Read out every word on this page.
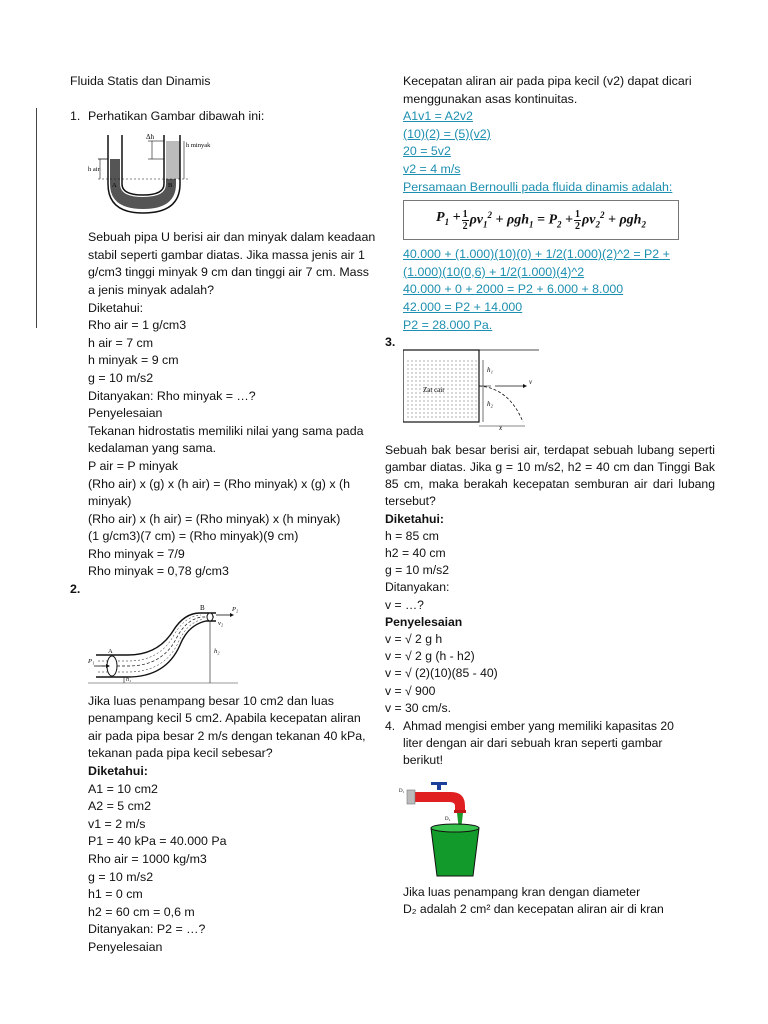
Fluida Statis dan Dinamis
1. Perhatikan Gambar dibawah ini:
Δh
h minyak
h air
A	B
Sebuah pipa U berisi air dan minyak dalam keadaan
stabil seperti gambar diatas. Jika massa jenis air 1
g/cm3 tinggi minyak 9 cm dan tinggi air 7 cm. Mass
a jenis minyak adalah?
Diketahui:
Rho air = 1 g/cm3
h air = 7 cm
h minyak = 9 cm
g = 10 m/s2
Ditanyakan: Rho minyak = …?
Penyelesaian
Tekanan hidrostatis memiliki nilai yang sama pada
kedalaman yang sama.
P air = P minyak
(Rho air) x (g) x (h air) = (Rho minyak) x (g) x (h
minyak)
(Rho air) x (h air) = (Rho minyak) x (h minyak)
(1 g/cm3)(7 cm) = (Rho minyak)(9 cm)
Rho minyak = 7/9
Rho minyak = 0,78 g/cm3
2.
B	P₂
v₂
h₂
P₁
A
h₁
Jika luas penampang besar 10 cm2 dan luas
penampang kecil 5 cm2. Apabila kecepatan aliran
air pada pipa besar 2 m/s dengan tekanan 40 kPa,
tekanan pada pipa kecil sebesar?
Diketahui:
A1 = 10 cm2
A2 = 5 cm2
v1 = 2 m/s
P1 = 40 kPa = 40.000 Pa
Rho air = 1000 kg/m3
g = 10 m/s2
h1 = 0 cm
h2 = 60 cm = 0,6 m
Ditanyakan: P2 = …?
Penyelesaian
Kecepatan aliran air pada pipa kecil (v2) dapat dicari
menggunakan asas kontinuitas.
A1v1 = A2v2
(10)(2) = (5)(v2)
20 = 5v2
v2 = 4 m/s
Persamaan Bernoulli pada fluida dinamis adalah:
$P_1 + \frac{1}{2} \rho v_1^2 + \rho gh_1 = P_2 + \frac{1}{2} \rho v_2^2 + \rho gh_2$
40.000 + (1.000)(10)(0) + 1/2(1.000)(2)^2 = P2 +
(1.000)(10(0,6) + 1/2(1.000)(4)^2
40.000 + 0 + 2000 = P2 + 6.000 + 8.000
42.000 = P2 + 14.000
P2 = 28.000 Pa.
3.
h₁
v
h₂
x
Zat cair
Sebuah bak besar berisi air, terdapat sebuah lubang seperti gambar diatas. Jika g = 10 m/s2, h2 = 40 cm dan Tinggi Bak 85 cm, maka berakah kecepatan semburan air dari lubang tersebut?
Diketahui:
h = 85 cm
h2 = 40 cm
g = 10 m/s2
Ditanyakan:
v = …?
Penyelesaian
v = √ 2 g h
v = √ 2 g (h - h2)
v = √ (2)(10)(85 - 40)
v = √ 900
v = 30 cm/s.
4. Ahmad mengisi ember yang memiliki kapasitas 20
liter dengan air dari sebuah kran seperti gambar
berikut!
D₁
D₂
Jika luas penampang kran dengan diameter
D₂ adalah 2 cm² dan kecepatan aliran air di kran
